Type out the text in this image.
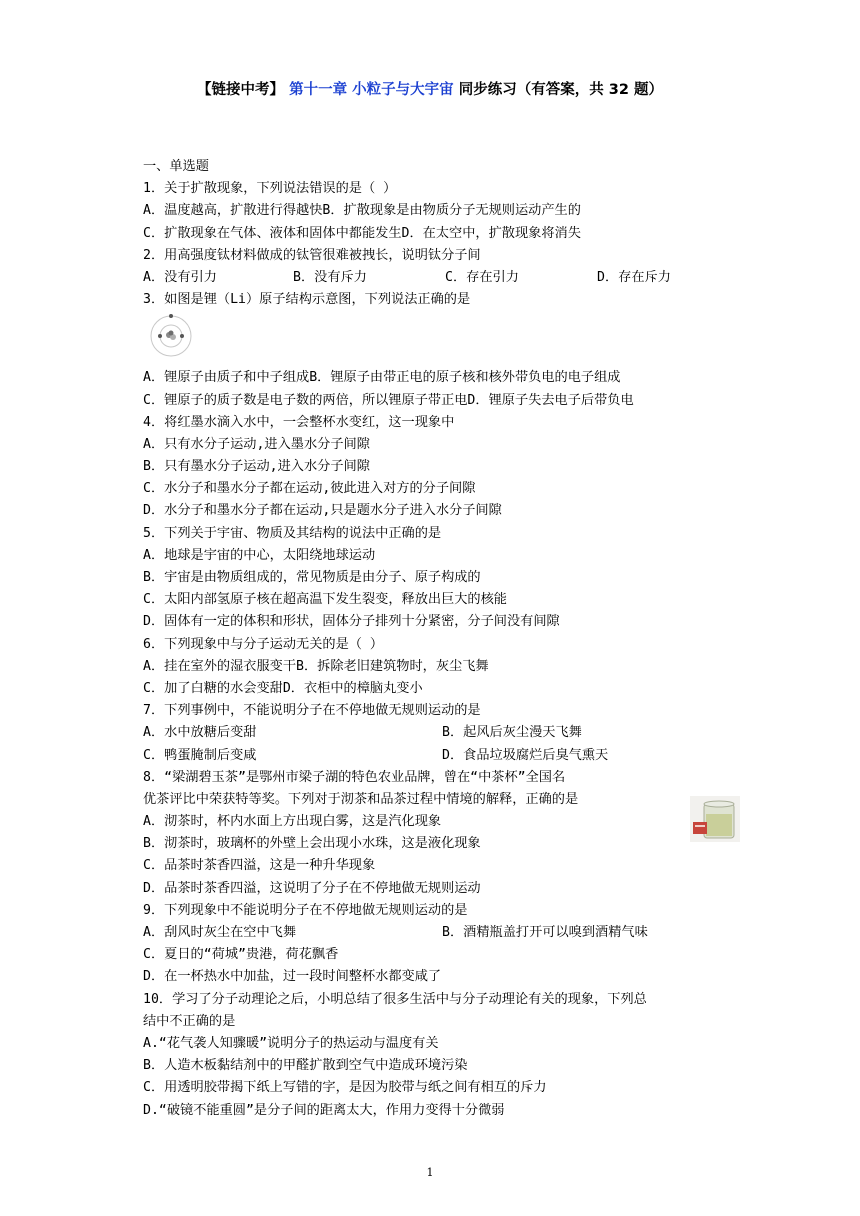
【链接中考】 第十一章 小粒子与大宇宙 同步练习（有答案，共 32 题）
一、单选题
1．关于扩散现象，下列说法错误的是（ ）
A．温度越高，扩散进行得越快B．扩散现象是由物质分子无规则运动产生的
C．扩散现象在气体、液体和固体中都能发生D．在太空中，扩散现象将消失
2．用高强度钛材料做成的钛管很难被拽长，说明钛分子间
A．没有引力	B．没有斥力	C．存在引力	D．存在斥力
3．如图是锂（Li）原子结构示意图，下列说法正确的是
A．锂原子由质子和中子组成B．锂原子由带正电的原子核和核外带负电的电子组成
C．锂原子的质子数是电子数的两倍，所以锂原子带正电D．锂原子失去电子后带负电
4．将红墨水滴入水中，一会整杯水变红，这一现象中
A．只有水分子运动,进入墨水分子间隙
B．只有墨水分子运动,进入水分子间隙
C．水分子和墨水分子都在运动,彼此进入对方的分子间隙
D．水分子和墨水分子都在运动,只是题水分子进入水分子间隙
5．下列关于宇宙、物质及其结构的说法中正确的是
A．地球是宇宙的中心，太阳绕地球运动
B．宇宙是由物质组成的，常见物质是由分子、原子构成的
C．太阳内部氢原子核在超高温下发生裂变，释放出巨大的核能
D．固体有一定的体积和形状，固体分子排列十分紧密，分子间没有间隙
6．下列现象中与分子运动无关的是（ ）
A．挂在室外的湿衣服变干B．拆除老旧建筑物时，灰尘飞舞
C．加了白糖的水会变甜D．衣柜中的樟脑丸变小
7．下列事例中，不能说明分子在不停地做无规则运动的是
A．水中放糖后变甜	B．起风后灰尘漫天飞舞
C．鸭蛋腌制后变咸	D．食品垃圾腐烂后臭气熏天
8．“梁湖碧玉茶”是鄂州市梁子湖的特色农业品牌，曾在“中茶杯”全国名
优茶评比中荣获特等奖。下列对于沏茶和品茶过程中情境的解释，正确的是
A．沏茶时，杯内水面上方出现白雾，这是汽化现象
B．沏茶时，玻璃杯的外壁上会出现小水珠，这是液化现象
C．品茶时茶香四溢，这是一种升华现象
D．品茶时茶香四溢，这说明了分子在不停地做无规则运动
9．下列现象中不能说明分子在不停地做无规则运动的是
A．刮风时灰尘在空中飞舞	B．酒精瓶盖打开可以嗅到酒精气味
C．夏日的“荷城”贵港，荷花飘香
D．在一杯热水中加盐，过一段时间整杯水都变咸了
10．学习了分子动理论之后，小明总结了很多生活中与分子动理论有关的现象，下列总
结中不正确的是
A.“花气袭人知骤暖”说明分子的热运动与温度有关
B．人造木板黏结剂中的甲醛扩散到空气中造成环境污染
C．用透明胶带揭下纸上写错的字，是因为胶带与纸之间有相互的斥力
D.“破镜不能重圆”是分子间的距离太大，作用力变得十分微弱
1
